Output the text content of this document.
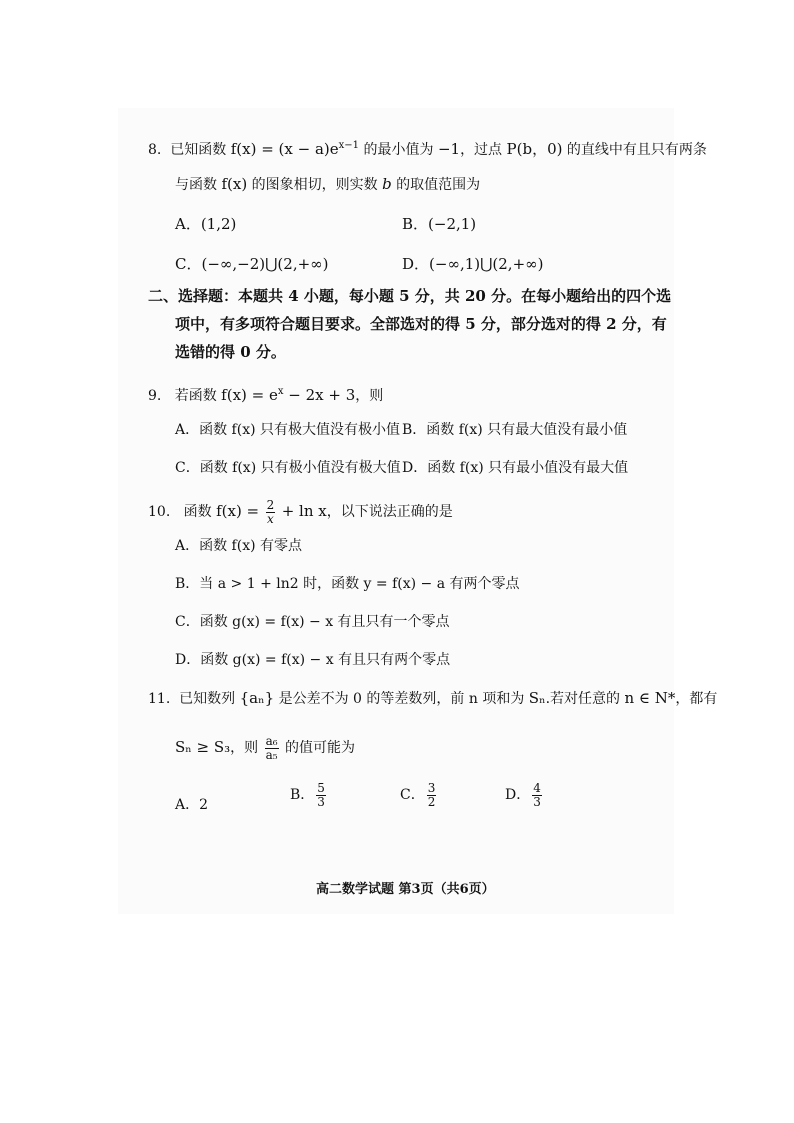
8. 已知函数 $f(x) = (x - a)e^{x-1}$ 的最小值为 −1，过点 P(b，0) 的直线中有且只有两条
与函数 f(x) 的图象相切，则实数 b 的取值范围为
A．(1,2)	B．(−2,1)
C．(−∞,−2)⋃(2,+∞)	D．(−∞,1)⋃(2,+∞)
二、选择题：本题共 4 小题，每小题 5 分，共 20 分。在每小题给出的四个选
项中，有多项符合题目要求。全部选对的得 5 分，部分选对的得 2 分，有
选错的得 0 分。
9. 若函数 $f(x) = e^x - 2x + 3$，则
A．函数 f(x) 只有极大值没有极小值 B．函数 f(x) 只有最大值没有最小值
C．函数 f(x) 只有极小值没有极大值 D．函数 f(x) 只有最小值没有最大值
10. 函数 $f(x) = \frac{2}{x} + \ln x$，以下说法正确的是
A．函数 f(x) 有零点
B．当 a > 1 + ln2 时，函数 y = f(x) − a 有两个零点
C．函数 g(x) = f(x) − x 有且只有一个零点
D．函数 g(x) = f(x) − x 有且只有两个零点
11. 已知数列 {aₙ} 是公差不为 0 的等差数列，前 n 项和为 Sₙ.若对任意的 n ∈ N*，都有
Sₙ ≥ S₃，则 $\frac{\text{a₆}}{\text{a₅}}$ 的值可能为
A．2
B． $\frac{5}{3}$	C． $\frac{3}{2}$	D． $\frac{4}{3}$
高二数学试题 第3页（共6页）
